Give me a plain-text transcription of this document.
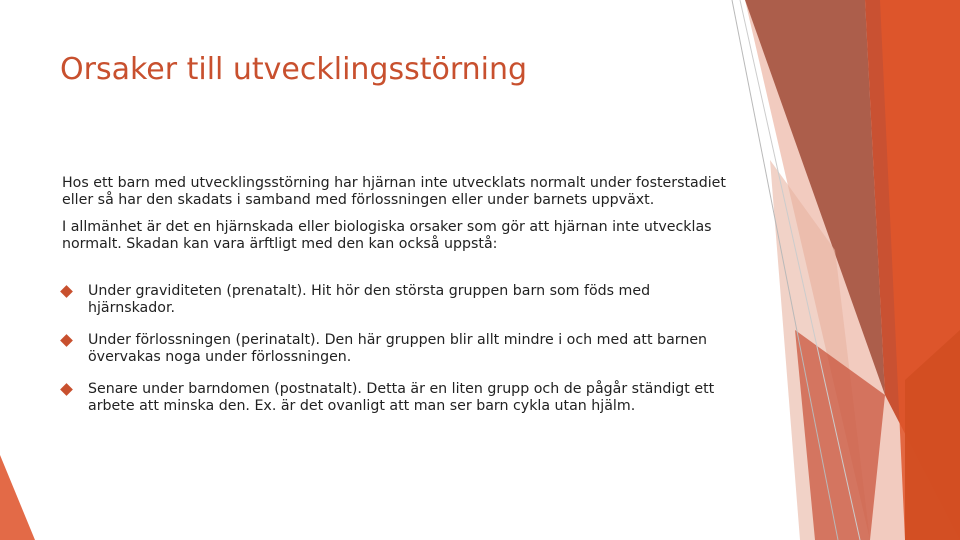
Orsaker till utvecklingsstörning

Hos ett barn med utvecklingsstörning har hjärnan inte utvecklats normalt under fosterstadiet eller så har den skadats i samband med förlossningen eller under barnets uppväxt.

I allmänhet är det en hjärnskada eller biologiska orsaker som gör att hjärnan inte utvecklas normalt. Skadan kan vara ärftligt med den kan också uppstå:

Under graviditeten (prenatalt). Hit hör den största gruppen barn som föds med hjärnskador.
Under förlossningen (perinatalt). Den här gruppen blir allt mindre i och med att barnen övervakas noga under förlossningen.
Senare under barndomen (postnatalt). Detta är en liten grupp och de pågår ständigt ett arbete att minska den. Ex. är det ovanligt att man ser barn cykla utan hjälm.
